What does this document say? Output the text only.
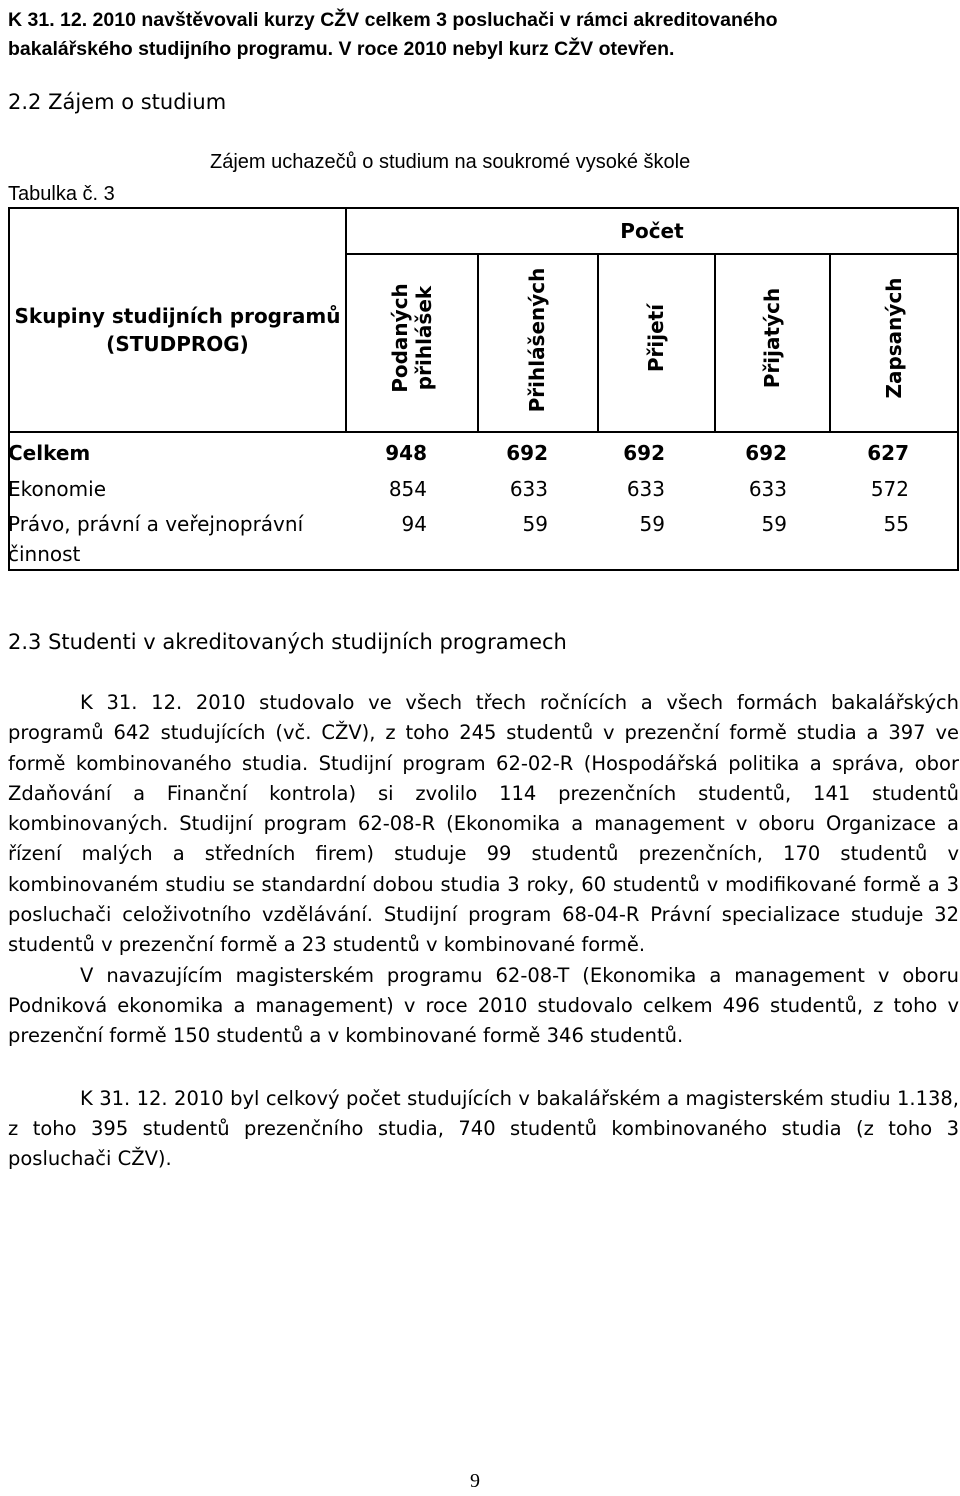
K 31. 12. 2010 navštěvovali kurzy CŽV celkem 3 posluchači v rámci akreditovaného
bakalářského studijního programu. V roce 2010 nebyl kurz CŽV otevřen.
2.2 Zájem o studium
Zájem uchazečů o studium na soukromé vysoké škole
Tabulka č. 3
Počet
Skupiny studijních programů
(STUDPROG)	Podaných přihlášek	Přihlášených	Přijetí	Přijatých	Zapsaných
Celkem	948	692	692	692	627
Ekonomie	854	633	633	633	572
Právo, právní a veřejnoprávní
činnost
94	59	59	59	55
2.3 Studenti v akreditovaných studijních programech

K 31. 12. 2010 studovalo ve všech třech ročnících a všech formách bakalářských programů 642 studujících (vč. CŽV), z toho 245 studentů v prezenční formě studia a 397 ve formě kombinovaného studia. Studijní program 62-02-R (Hospodářská politika a správa, obor Zdaňování a Finanční kontrola) si zvolilo 114 prezenčních studentů, 141 studentů kombinovaných. Studijní program 62-08-R (Ekonomika a management v oboru Organizace a řízení malých a středních firem) studuje 99 studentů prezenčních, 170 studentů v kombinovaném studiu se standardní dobou studia 3 roky, 60 studentů v modifikované formě a 3 posluchači celoživotního vzdělávání. Studijní program 68-04-R Právní specializace studuje 32 studentů v prezenční formě a 23 studentů v kombinované formě.

V navazujícím magisterském programu 62-08-T (Ekonomika a management v oboru Podniková ekonomika a management) v roce 2010 studovalo celkem 496 studentů, z toho v prezenční formě 150 studentů a v kombinované formě 346 studentů.

K 31. 12. 2010 byl celkový počet studujících v bakalářském a magisterském studiu 1.138, z toho 395 studentů prezenčního studia, 740 studentů kombinovaného studia (z toho 3 posluchači CŽV).

9
